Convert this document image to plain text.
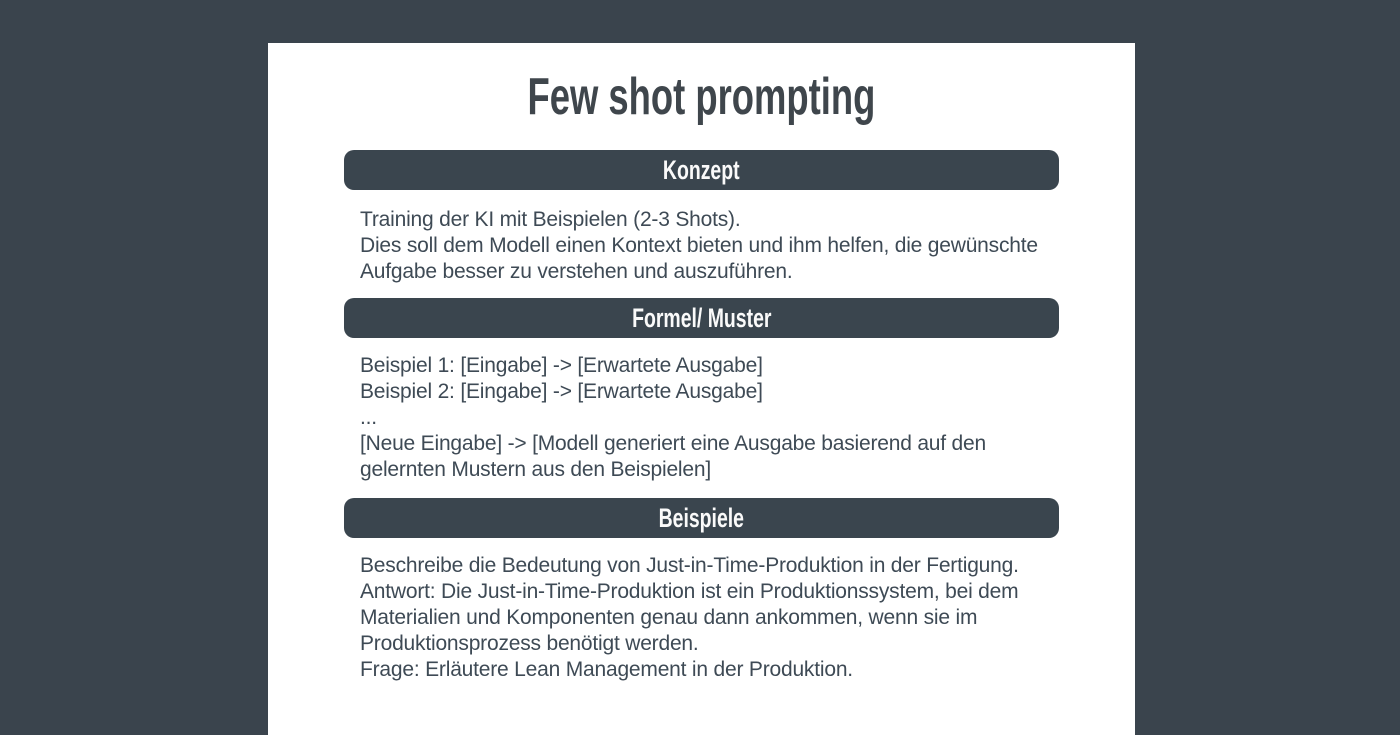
Few shot prompting
Konzept
Training der KI mit Beispielen (2-3 Shots).
Dies soll dem Modell einen Kontext bieten und ihm helfen, die gewünschte
Aufgabe besser zu verstehen und auszuführen.
Formel/ Muster
Beispiel 1: [Eingabe] -> [Erwartete Ausgabe]
Beispiel 2: [Eingabe] -> [Erwartete Ausgabe]
...
[Neue Eingabe] -> [Modell generiert eine Ausgabe basierend auf den
gelernten Mustern aus den Beispielen]
Beispiele
Beschreibe die Bedeutung von Just-in-Time-Produktion in der Fertigung.
Antwort: Die Just-in-Time-Produktion ist ein Produktionssystem, bei dem
Materialien und Komponenten genau dann ankommen, wenn sie im
Produktionsprozess benötigt werden.
Frage: Erläutere Lean Management in der Produktion.
